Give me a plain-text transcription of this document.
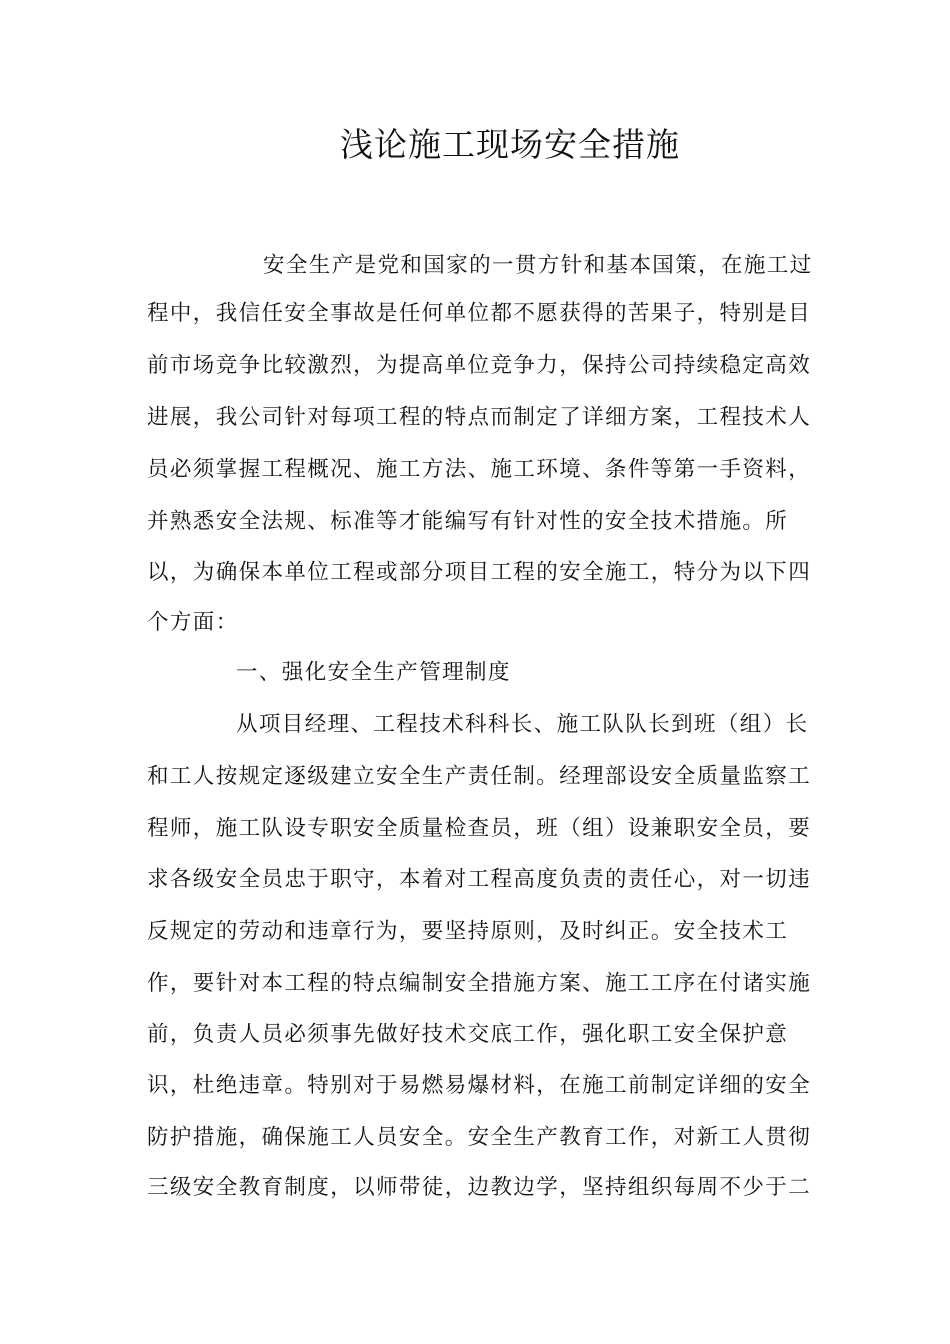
浅论施工现场安全措施
安全生产是党和国家的一贯方针和基本国策，在施工过
程中，我信任安全事故是任何单位都不愿获得的苦果子，特别是目
前市场竞争比较激烈，为提高单位竞争力，保持公司持续稳定高效
进展，我公司针对每项工程的特点而制定了详细方案，工程技术人
员必须掌握工程概况、施工方法、施工环境、条件等第一手资料，
并熟悉安全法规、标准等才能编写有针对性的安全技术措施。所
以，为确保本单位工程或部分项目工程的安全施工，特分为以下四
个方面：
一、强化安全生产管理制度
从项目经理、工程技术科科长、施工队队长到班（组）长
和工人按规定逐级建立安全生产责任制。经理部设安全质量监察工
程师，施工队设专职安全质量检查员，班（组）设兼职安全员，要
求各级安全员忠于职守，本着对工程高度负责的责任心，对一切违
反规定的劳动和违章行为，要坚持原则，及时纠正。安全技术工
作，要针对本工程的特点编制安全措施方案、施工工序在付诸实施
前，负责人员必须事先做好技术交底工作，强化职工安全保护意
识，杜绝违章。特别对于易燃易爆材料，在施工前制定详细的安全
防护措施，确保施工人员安全。安全生产教育工作，对新工人贯彻
三级安全教育制度，以师带徒，边教边学，坚持组织每周不少于二
